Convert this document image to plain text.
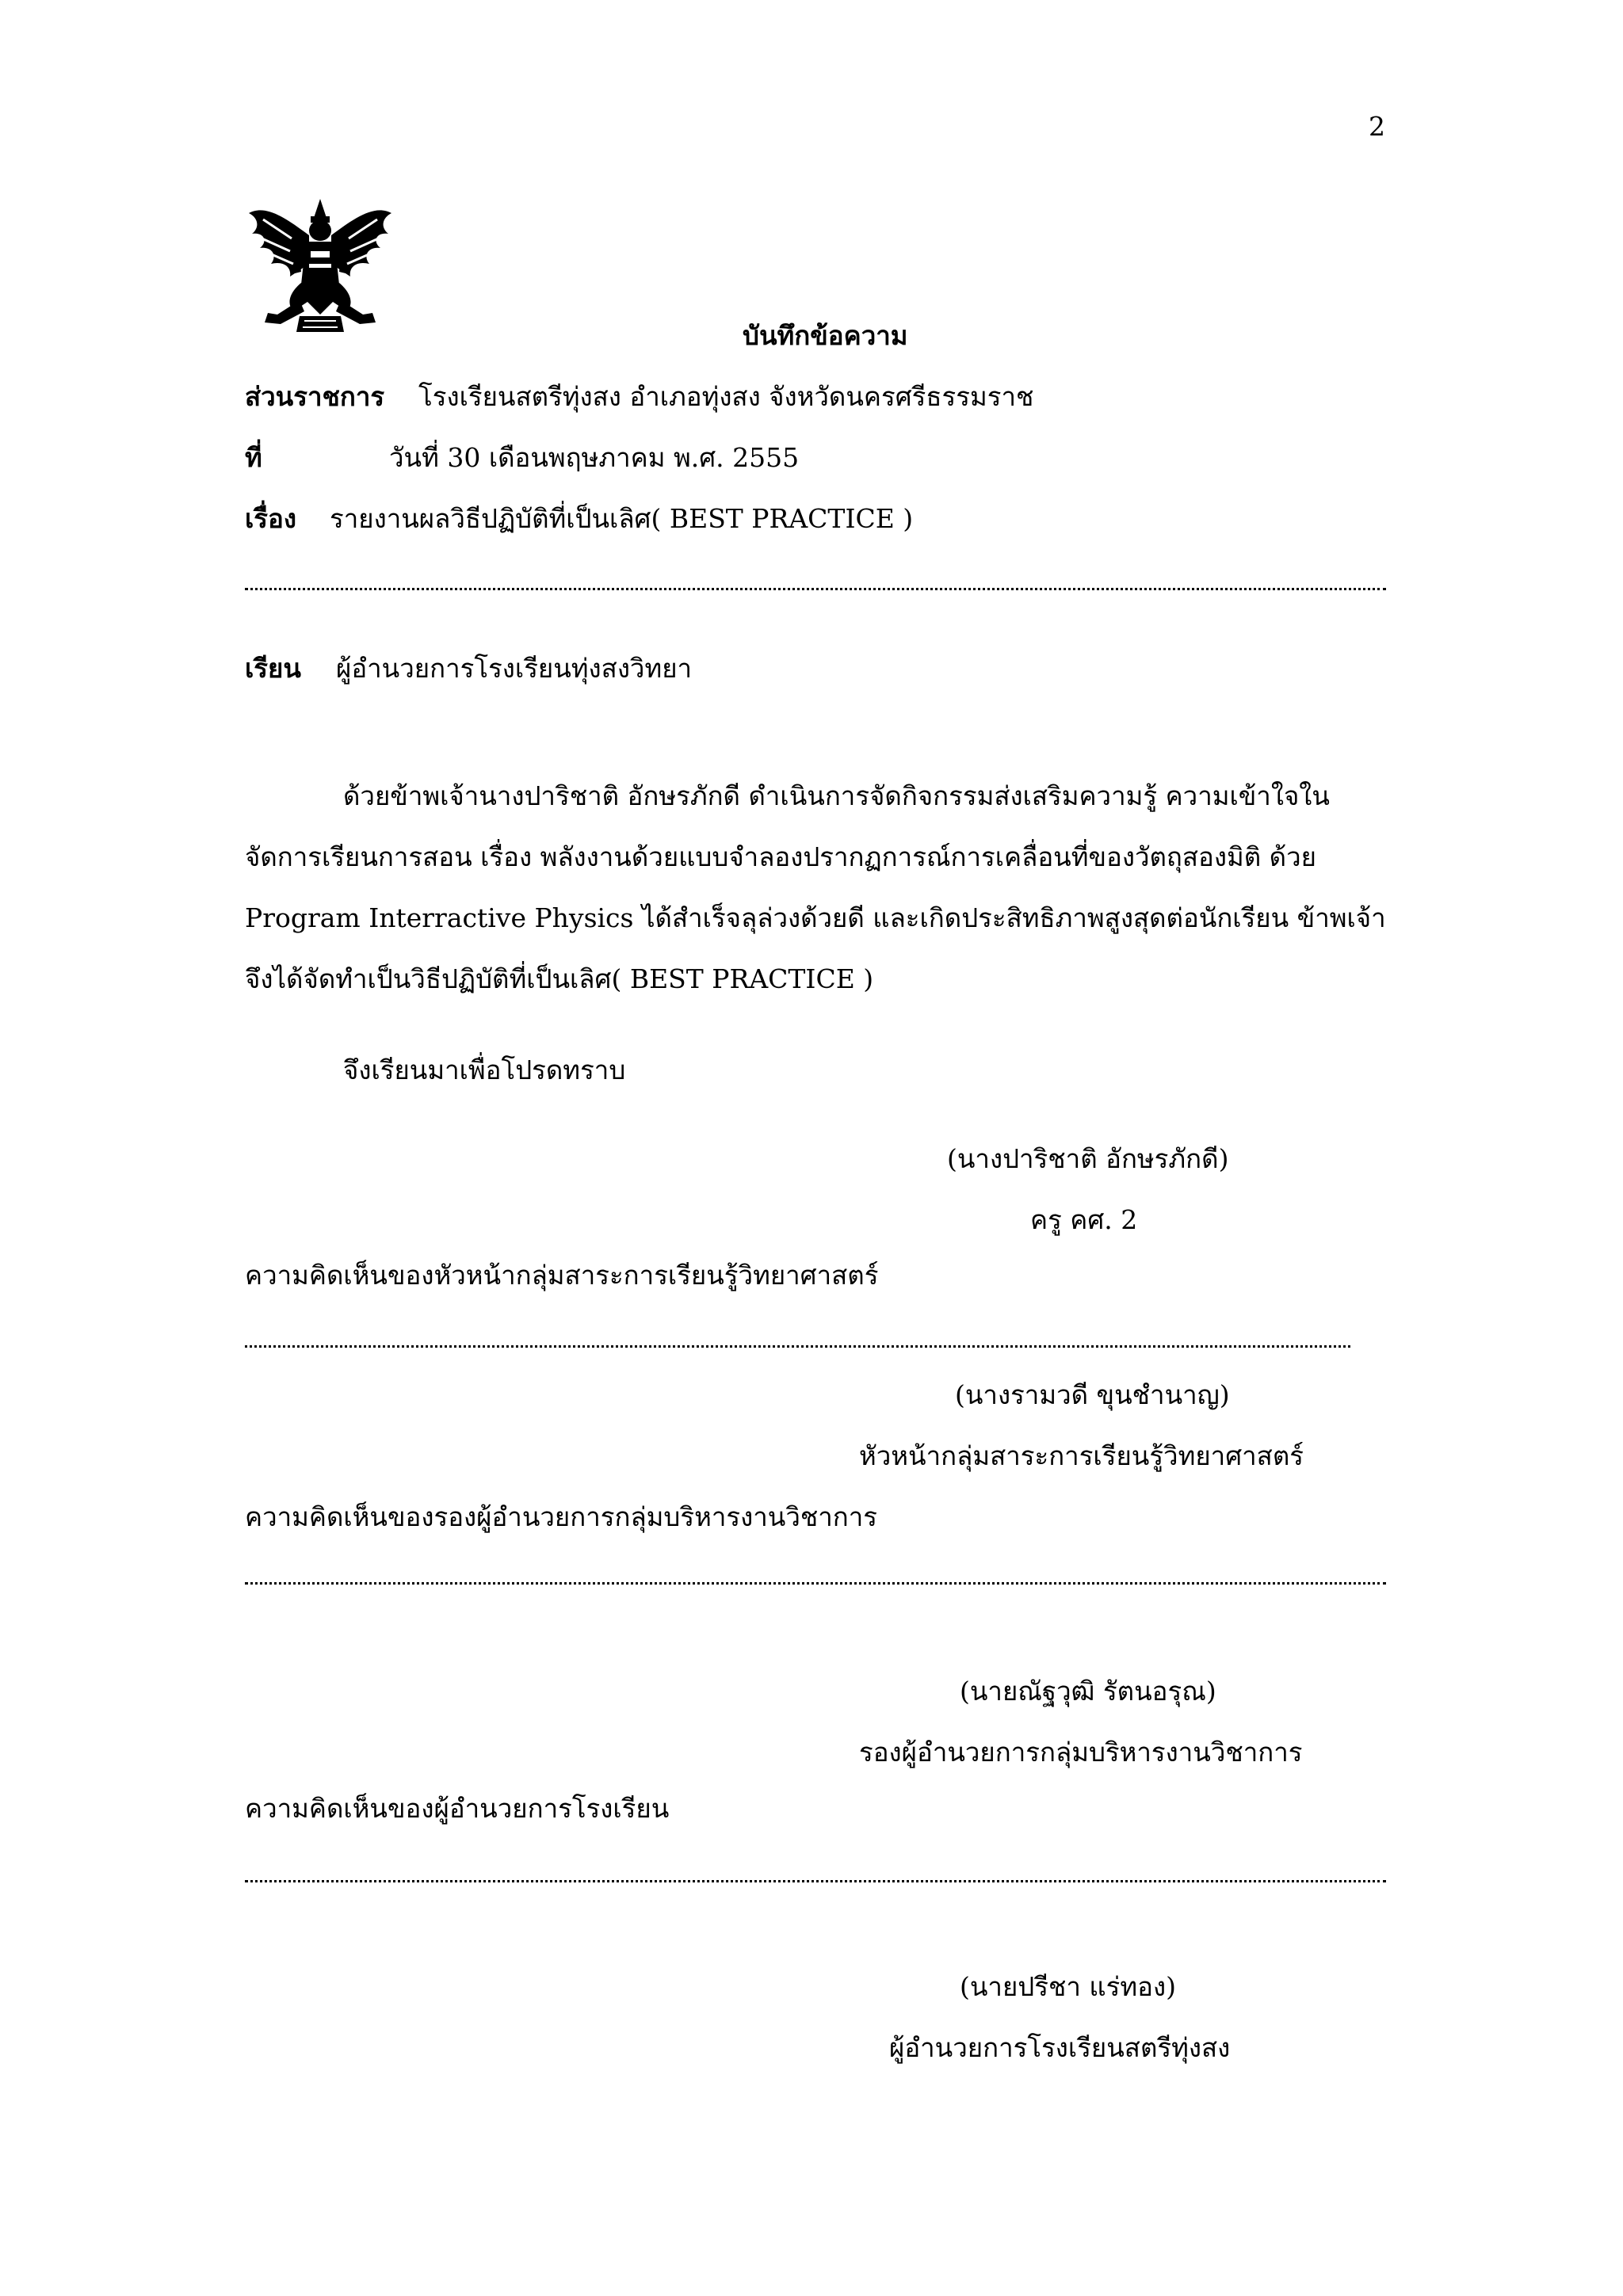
2
บันทึกข้อความ
ส่วนราชการ โรงเรียนสตรีทุ่งสง อำเภอทุ่งสง จังหวัดนครศรีธรรมราช
ที่	วันที่ 30 เดือนพฤษภาคม พ.ศ. 2555
เรื่อง รายงานผลวิธีปฏิบัติที่เป็นเลิศ( BEST PRACTICE )
เรียน ผู้อำนวยการโรงเรียนทุ่งสงวิทยา
ด้วยข้าพเจ้านางปาริชาติ อักษรภักดี ดำเนินการจัดกิจกรรมส่งเสริมความรู้ ความเข้าใจใน
จัดการเรียนการสอน เรื่อง พลังงานด้วยแบบจำลองปรากฏการณ์การเคลื่อนที่ของวัตถุสองมิติ ด้วย
Program Interractive Physics ได้สำเร็จลุล่วงด้วยดี และเกิดประสิทธิภาพสูงสุดต่อนักเรียน ข้าพเจ้า
จึงได้จัดทำเป็นวิธีปฏิบัติที่เป็นเลิศ( BEST PRACTICE )
จึงเรียนมาเพื่อโปรดทราบ
(นางปาริชาติ อักษรภักดี)
ครู คศ. 2
ความคิดเห็นของหัวหน้ากลุ่มสาระการเรียนรู้วิทยาศาสตร์
(นางรามวดี ขุนชำนาญ)
หัวหน้ากลุ่มสาระการเรียนรู้วิทยาศาสตร์
ความคิดเห็นของรองผู้อำนวยการกลุ่มบริหารงานวิชาการ
(นายณัฐวุฒิ รัตนอรุณ)
รองผู้อำนวยการกลุ่มบริหารงานวิชาการ
ความคิดเห็นของผู้อำนวยการโรงเรียน
(นายปรีชา แร่ทอง)
ผู้อำนวยการโรงเรียนสตรีทุ่งสง
